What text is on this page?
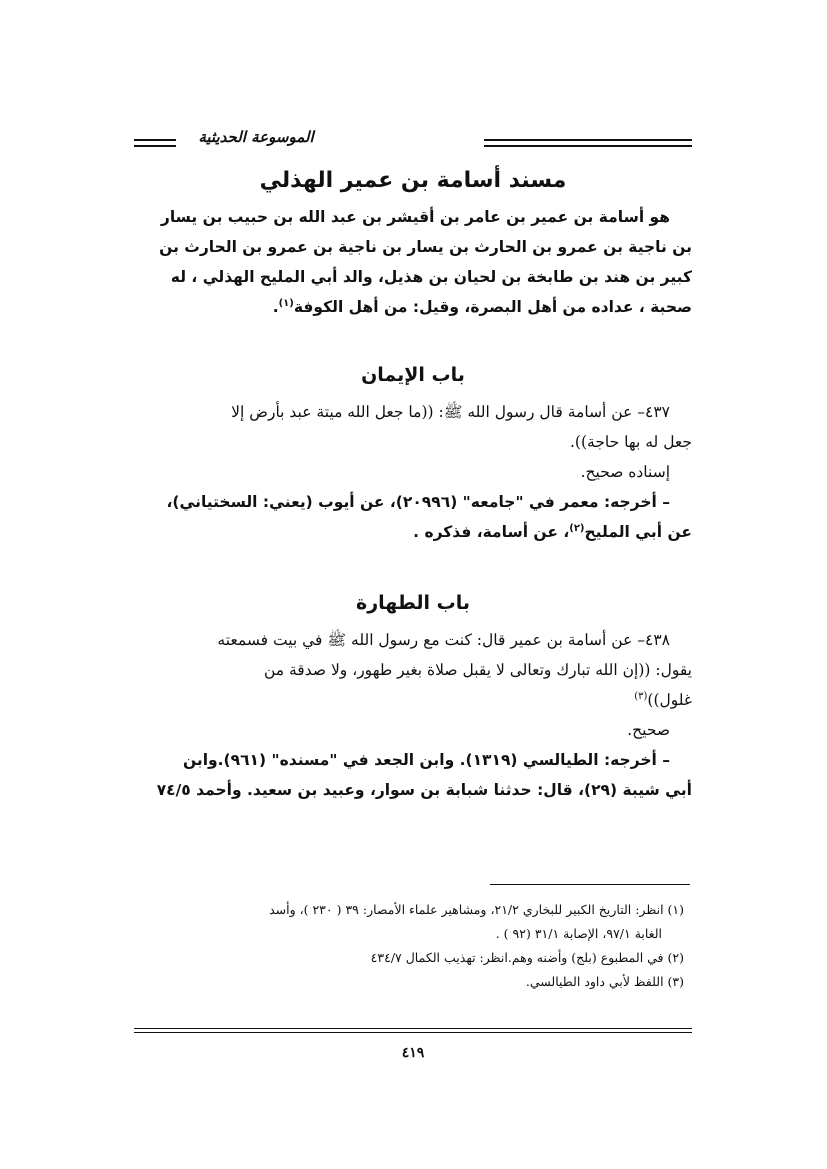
الموسوعة الحديثية
مسند أسامة بن عمير الهذلي
هو أسامة بن عمير بن عامر بن أقيشر بن عبد الله بن حبيب بن يسار
بن ناجية بن عمرو بن الحارث بن يسار بن ناجية بن عمرو بن الحارث بن
كبير بن هند بن طابخة بن لحيان بن هذيل، والد أبي المليح الهذلي ، له
صحبة ، عداده من أهل البصرة، وقيل: من أهل الكوفة$^{(١)}$.
باب الإيمان
٤٣٧– عن أسامة قال رسول الله ﷺ: ((ما جعل الله ميتة عبد بأرض إلا
جعل له بها حاجة)).
إسناده صحيح.
– أخرجه: معمر في "جامعه" (٢٠٩٩٦)، عن أيوب (يعني: السختياني)،
عن أبي المليح$^{(٢)}$، عن أسامة، فذكره .
باب الطهارة
٤٣٨– عن أسامة بن عمير قال: كنت مع رسول الله ﷺ في بيت فسمعته
يقول: ((إن الله تبارك وتعالى لا يقبل صلاة بغير طهور، ولا صدقة من
غلول))$^{(٣)}$
صحيح.
– أخرجه: الطيالسي (١٣١٩). وابن الجعد في "مسنده" (٩٦١).وابن
أبي شيبة (٢٩)، قال: حدثنا شبابة بن سوار، وعبيد بن سعيد. وأحمد ٧٤/٥
(١) انظر: التاريخ الكبير للبخاري ٢١/٢، ومشاهير علماء الأمصار: ٣٩ ( ٢٣٠ )، وأسد
الغابة ٩٧/١، الإصابة ٣١/١ (٩٢ ) .
(٢) في المطبوع (بلج) وأضنه وهم.انظر: تهذيب الكمال ٤٣٤/٧
(٣) اللفظ لأبي داود الطيالسي.
٤١٩
